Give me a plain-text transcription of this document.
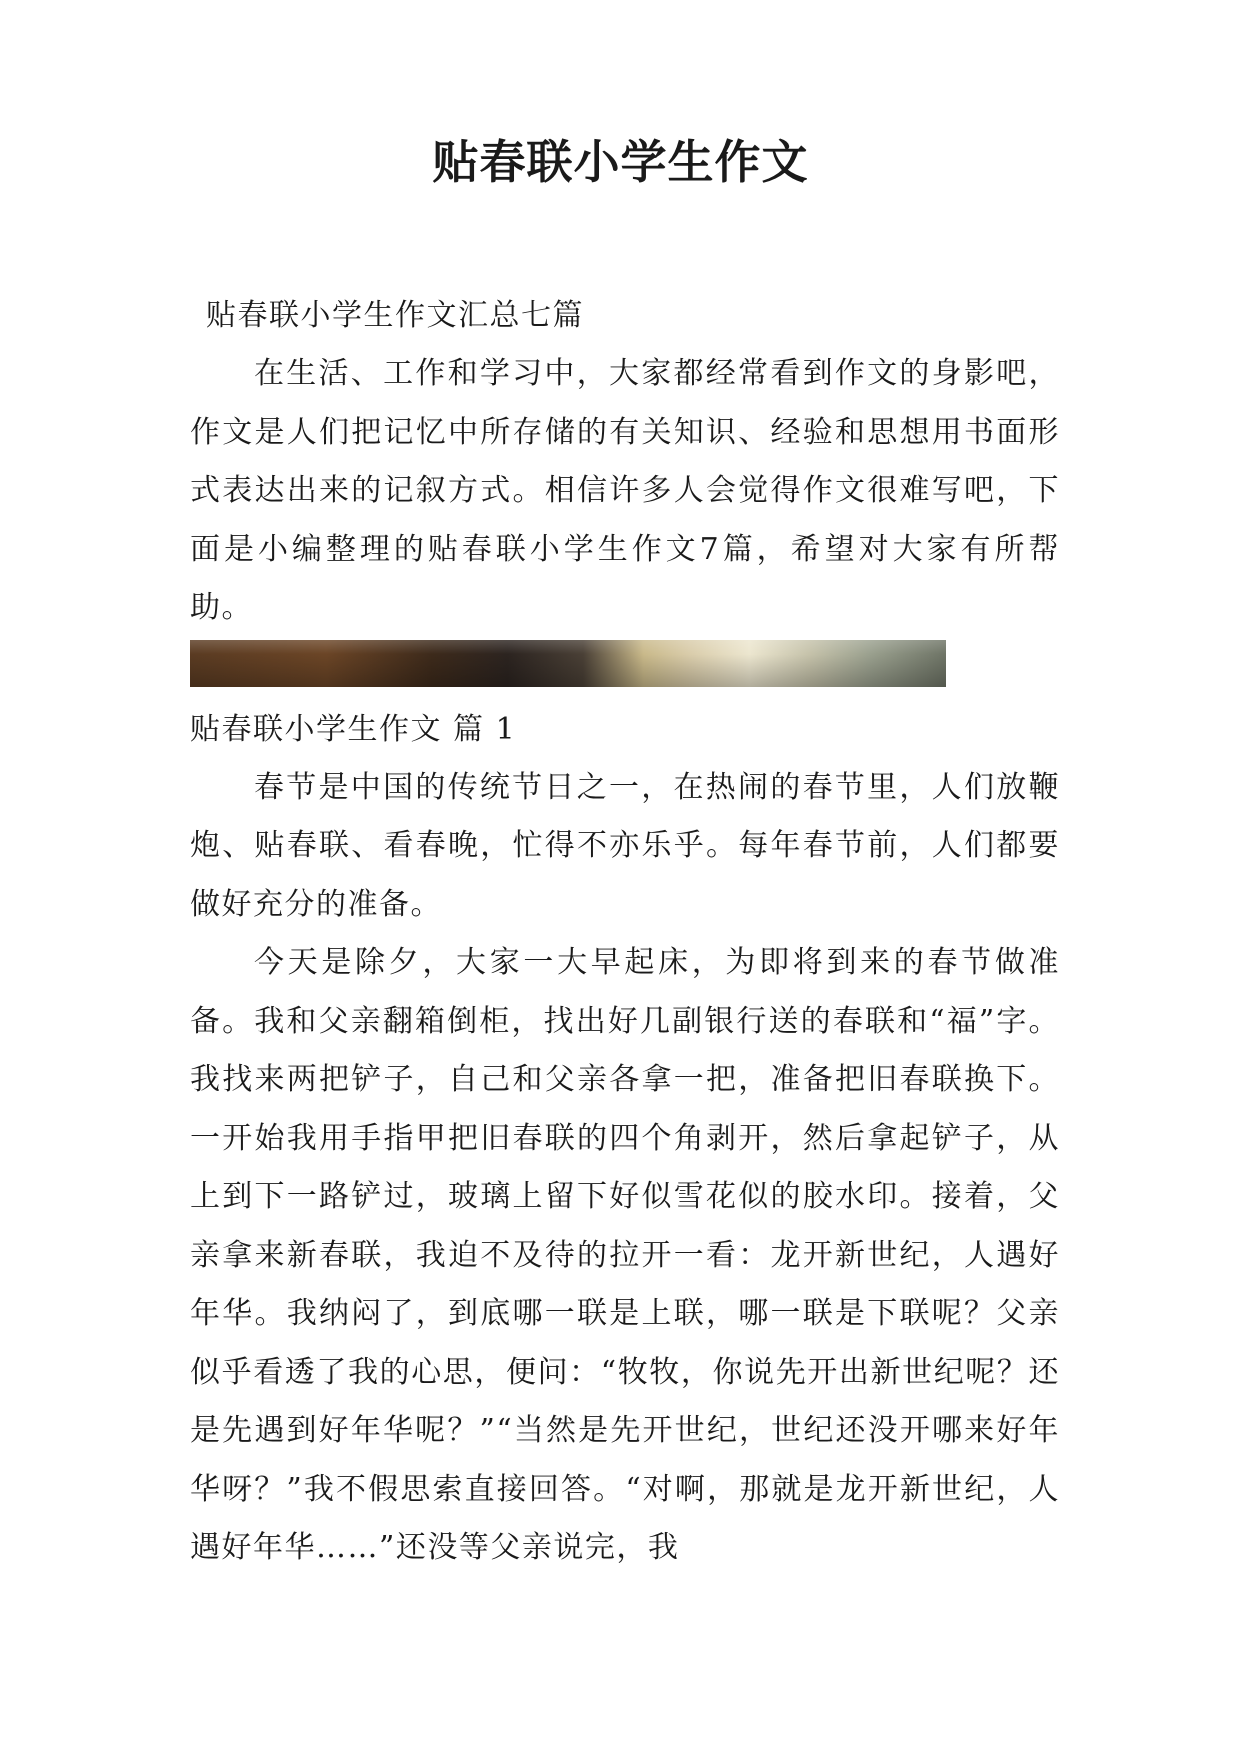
贴春联小学生作文

贴春联小学生作文汇总七篇

在生活、工作和学习中，大家都经常看到作文的身影吧，作文是人们把记忆中所存储的有关知识、经验和思想用书面形式表达出来的记叙方式。相信许多人会觉得作文很难写吧，下面是小编整理的贴春联小学生作文7篇，希望对大家有所帮助。

贴春联小学生作文 篇 1

春节是中国的传统节日之一，在热闹的春节里，人们放鞭炮、贴春联、看春晚，忙得不亦乐乎。每年春节前，人们都要做好充分的准备。

今天是除夕，大家一大早起床，为即将到来的春节做准备。我和父亲翻箱倒柜，找出好几副银行送的春联和“福”字。我找来两把铲子，自己和父亲各拿一把，准备把旧春联换下。一开始我用手指甲把旧春联的四个角剥开，然后拿起铲子，从上到下一路铲过，玻璃上留下好似雪花似的胶水印。接着，父亲拿来新春联，我迫不及待的拉开一看：龙开新世纪，人遇好年华。我纳闷了，到底哪一联是上联，哪一联是下联呢？父亲似乎看透了我的心思，便问：“牧牧，你说先开出新世纪呢？还是先遇到好年华呢？”“当然是先开世纪，世纪还没开哪来好年华呀？”我不假思索直接回答。“对啊，那就是龙开新世纪，人遇好年华……”还没等父亲说完，我
